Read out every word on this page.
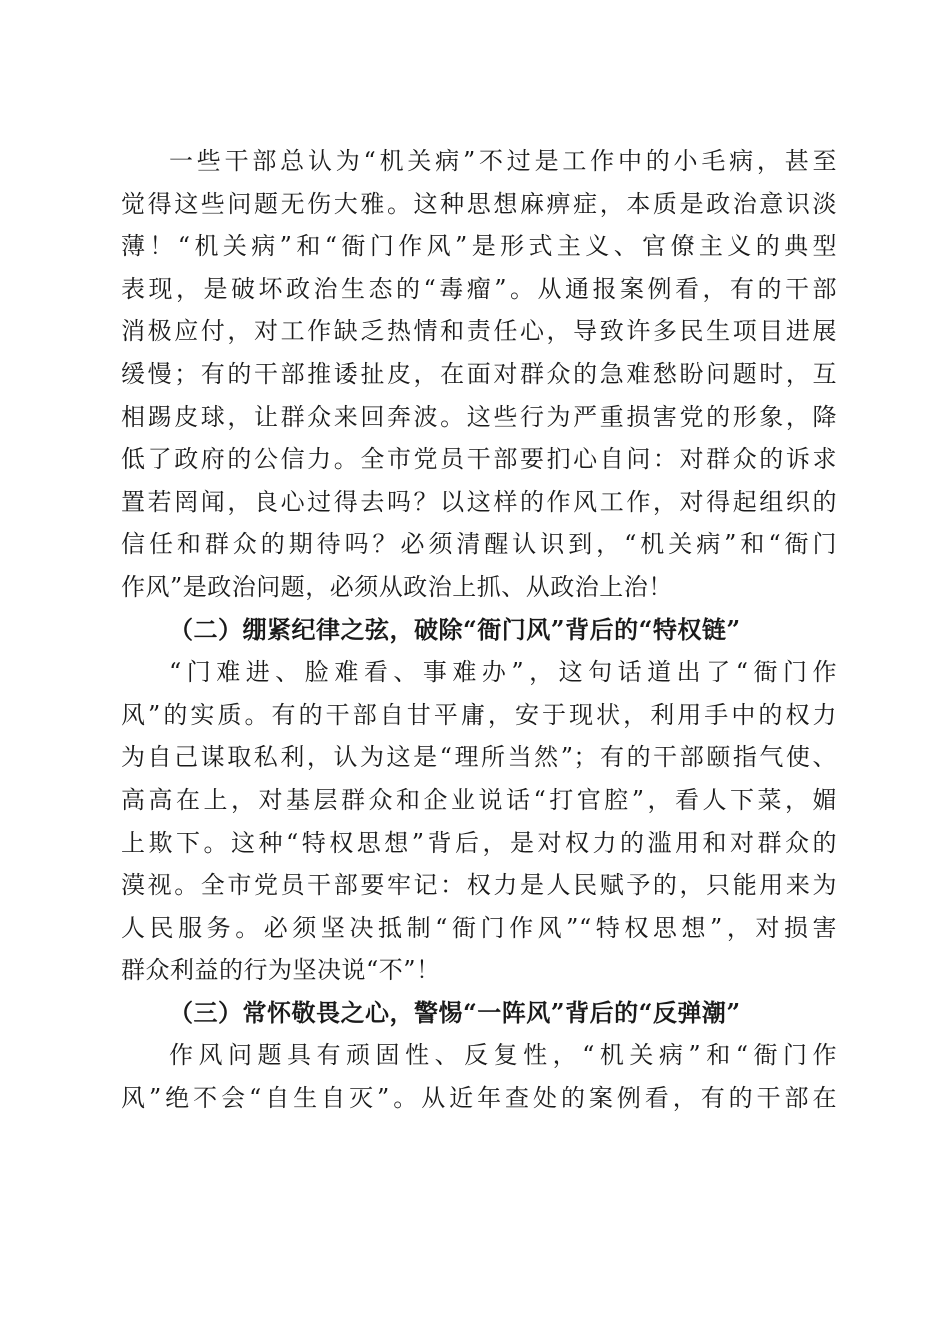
一些干部总认为“机关病”不过是工作中的小毛病，甚至
觉得这些问题无伤大雅。这种思想麻痹症，本质是政治意识淡
薄！“机关病”和“衙门作风”是形式主义、官僚主义的典型
表现，是破坏政治生态的“毒瘤”。从通报案例看，有的干部
消极应付，对工作缺乏热情和责任心，导致许多民生项目进展
缓慢；有的干部推诿扯皮，在面对群众的急难愁盼问题时，互
相踢皮球，让群众来回奔波。这些行为严重损害党的形象，降
低了政府的公信力。全市党员干部要扪心自问：对群众的诉求
置若罔闻，良心过得去吗？以这样的作风工作，对得起组织的
信任和群众的期待吗？必须清醒认识到，“机关病”和“衙门
作风”是政治问题，必须从政治上抓、从政治上治！
（二）绷紧纪律之弦，破除“衙门风”背后的“特权链”
“门难进、脸难看、事难办”，这句话道出了“衙门作
风”的实质。有的干部自甘平庸，安于现状，利用手中的权力
为自己谋取私利，认为这是“理所当然”；有的干部颐指气使、
高高在上，对基层群众和企业说话“打官腔”，看人下菜，媚
上欺下。这种“特权思想”背后，是对权力的滥用和对群众的
漠视。全市党员干部要牢记：权力是人民赋予的，只能用来为
人民服务。必须坚决抵制“衙门作风”“特权思想”，对损害
群众利益的行为坚决说“不”！
（三）常怀敬畏之心，警惕“一阵风”背后的“反弹潮”
作风问题具有顽固性、反复性，“机关病”和“衙门作
风”绝不会“自生自灭”。从近年查处的案例看，有的干部在
